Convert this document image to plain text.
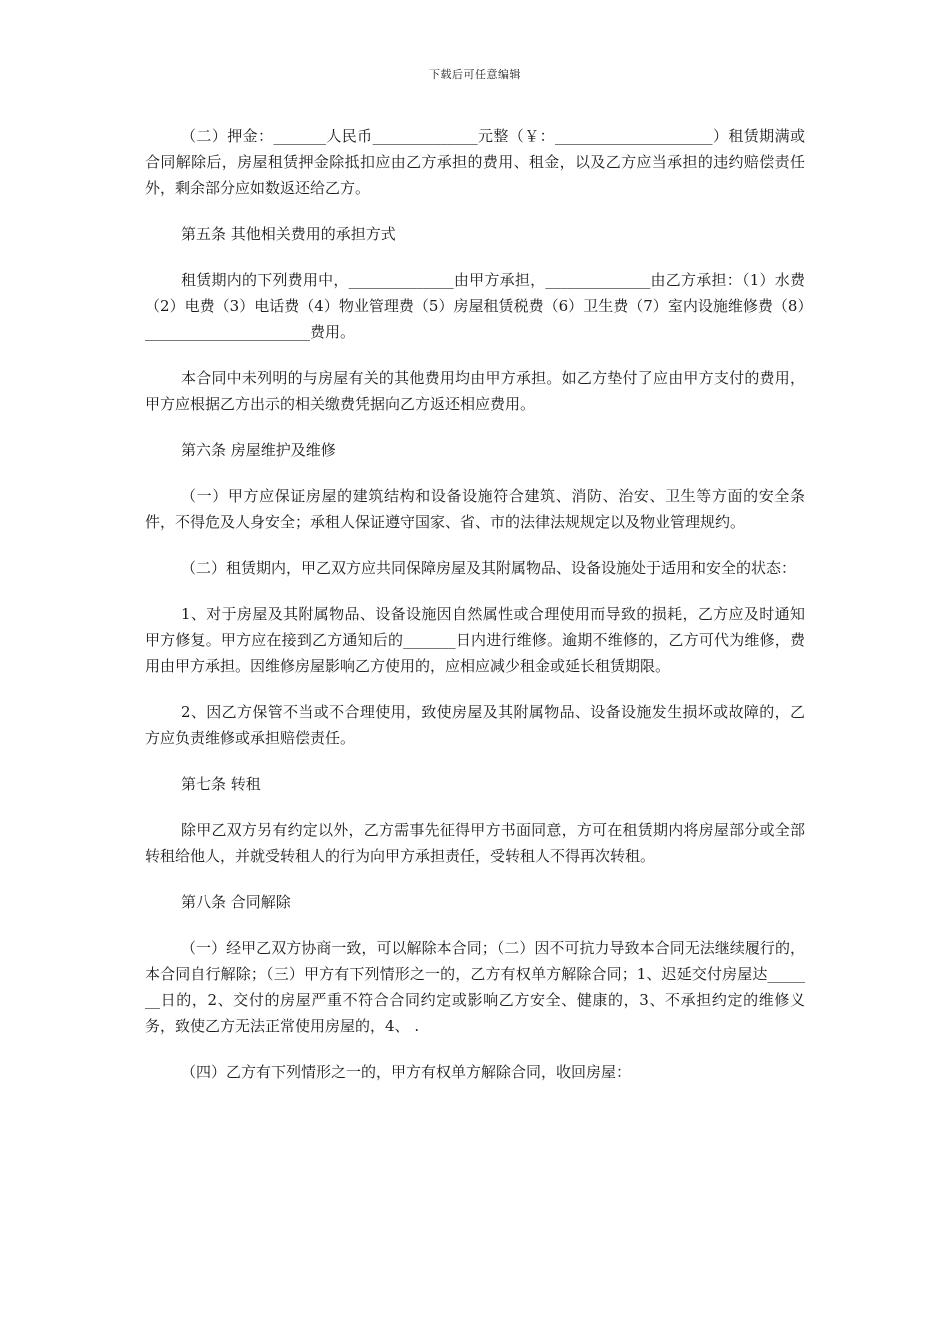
下载后可任意编辑

（二）押金：_______人民币______________元整（￥：_____________________）租赁期满或合同解除后，房屋租赁押金除抵扣应由乙方承担的费用、租金，以及乙方应当承担的违约赔偿责任外，剩余部分应如数返还给乙方。

第五条 其他相关费用的承担方式

租赁期内的下列费用中，______________由甲方承担，______________由乙方承担：（1）水费（2）电费（3）电话费（4）物业管理费（5）房屋租赁税费（6）卫生费（7）室内设施维修费（8）______________________费用。

本合同中未列明的与房屋有关的其他费用均由甲方承担。如乙方垫付了应由甲方支付的费用，甲方应根据乙方出示的相关缴费凭据向乙方返还相应费用。

第六条 房屋维护及维修

（一）甲方应保证房屋的建筑结构和设备设施符合建筑、消防、治安、卫生等方面的安全条件，不得危及人身安全；承租人保证遵守国家、省、市的法律法规规定以及物业管理规约。

（二）租赁期内，甲乙双方应共同保障房屋及其附属物品、设备设施处于适用和安全的状态：

1、对于房屋及其附属物品、设备设施因自然属性或合理使用而导致的损耗，乙方应及时通知甲方修复。甲方应在接到乙方通知后的_______日内进行维修。逾期不维修的，乙方可代为维修，费用由甲方承担。因维修房屋影响乙方使用的，应相应减少租金或延长租赁期限。

2、因乙方保管不当或不合理使用，致使房屋及其附属物品、设备设施发生损坏或故障的，乙方应负责维修或承担赔偿责任。

第七条 转租

除甲乙双方另有约定以外，乙方需事先征得甲方书面同意，方可在租赁期内将房屋部分或全部转租给他人，并就受转租人的行为向甲方承担责任，受转租人不得再次转租。

第八条 合同解除

（一）经甲乙双方协商一致，可以解除本合同；（二）因不可抗力导致本合同无法继续履行的，本合同自行解除；（三）甲方有下列情形之一的，乙方有权单方解除合同；1、迟延交付房屋达_______日的，2、交付的房屋严重不符合合同约定或影响乙方安全、健康的，3、不承担约定的维修义务，致使乙方无法正常使用房屋的，4、 .

（四）乙方有下列情形之一的，甲方有权单方解除合同，收回房屋：
